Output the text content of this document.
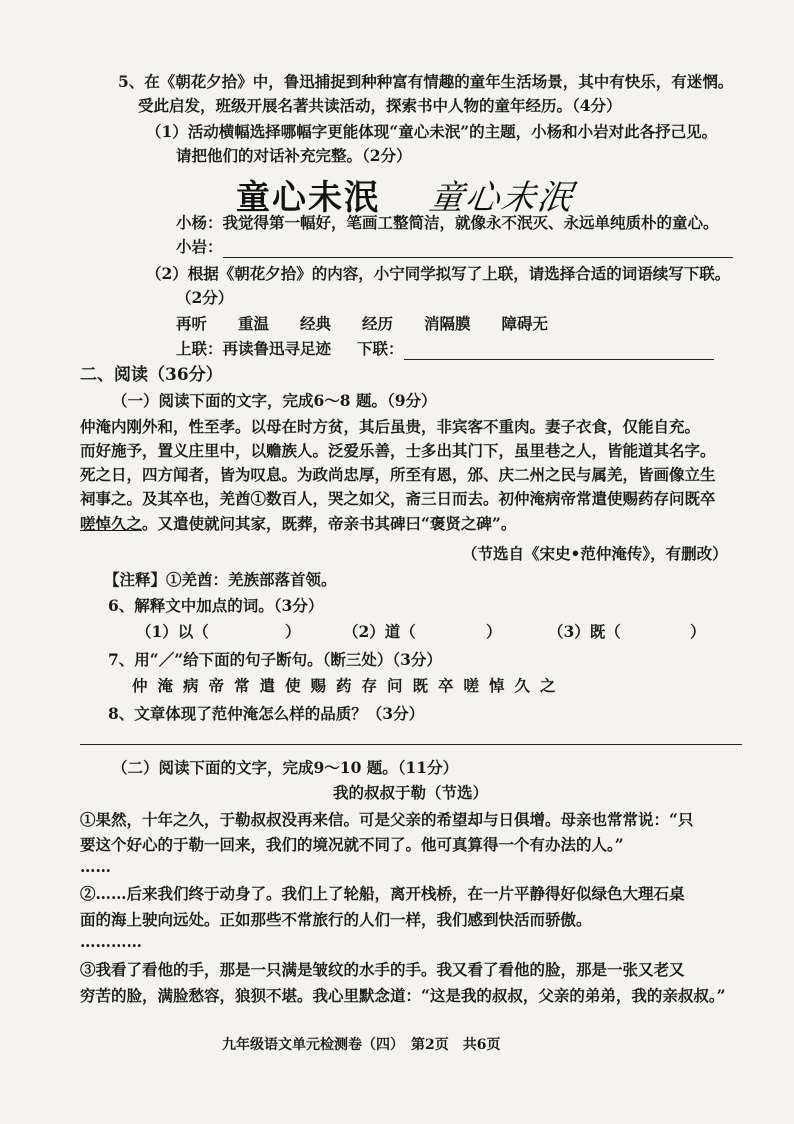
5、在《朝花夕拾》中，鲁迅捕捉到种种富有情趣的童年生活场景，其中有快乐，有迷惘。
受此启发，班级开展名著共读活动，探索书中人物的童年经历。（4分）
（1）活动横幅选择哪幅字更能体现“童心未泯”的主题，小杨和小岩对此各抒己见。
请把他们的对话补充完整。（2分）
童心未泯 童心未泯
小杨：我觉得第一幅好，笔画工整简洁，就像永不泯灭、永远单纯质朴的童心。
小岩：
（2）根据《朝花夕拾》的内容，小宁同学拟写了上联，请选择合适的词语续写下联。
（2分）
再听　　重温　　经典　　经历　　消隔膜　　障碍无
上联：再读鲁迅寻足迹 下联：
二、阅读（36分）
（一）阅读下面的文字，完成6～8 题。（9分）
仲淹内刚外和，性至孝。以母在时方贫，其后虽贵，非宾客不重肉。妻子衣食，仅能自充。
而好施予，置义庄里中，以赡族人。泛爱乐善，士多出其门下，虽里巷之人，皆能道其名字。
死之日，四方闻者，皆为叹息。为政尚忠厚，所至有恩，邠、庆二州之民与属羌，皆画像立生
祠事之。及其卒也，羌酋①数百人，哭之如父，斋三日而去。初仲淹病帝常遣使赐药存问既卒
嗟悼久之。又遣使就问其家，既葬，帝亲书其碑曰“褒贤之碑”。
（节选自《宋史•范仲淹传》，有删改）
【注释】①羌酋：羌族部落首领。
6、解释文中加点的词。（3分）
（1）以（	）	（2）道（	）	（3）既（	）
7、用“／”给下面的句子断句。（断三处）（3分）
仲淹病帝常遣使赐药存问既卒嗟悼久之
8、文章体现了范仲淹怎么样的品质？（3分）
（二）阅读下面的文字，完成9～10 题。（11分）
我的叔叔于勒（节选）
①果然，十年之久，于勒叔叔没再来信。可是父亲的希望却与日俱增。母亲也常常说：“只
要这个好心的于勒一回来，我们的境况就不同了。他可真算得一个有办法的人。”
……
②……后来我们终于动身了。我们上了轮船，离开栈桥，在一片平静得好似绿色大理石桌
面的海上驶向远处。正如那些不常旅行的人们一样，我们感到快活而骄傲。
…………
③我看了看他的手，那是一只满是皱纹的水手的手。我又看了看他的脸，那是一张又老又
穷苦的脸，满脸愁容，狼狈不堪。我心里默念道：“这是我的叔叔，父亲的弟弟，我的亲叔叔。”
九年级语文单元检测卷（四）　第2页　共6页
